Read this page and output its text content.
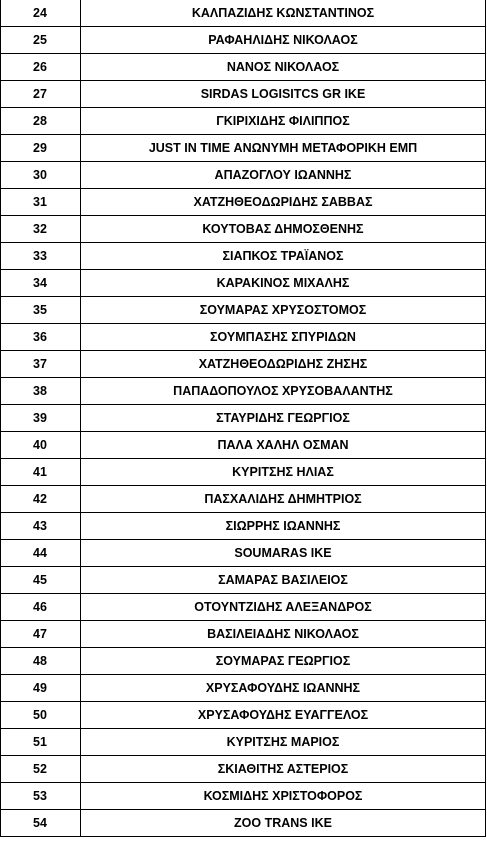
24	ΚΑΛΠΑΖΙΔΗΣ ΚΩΝΣΤΑΝΤΙΝΟΣ
25	ΡΑΦΑΗΛΙΔΗΣ ΝΙΚΟΛΑΟΣ
26	ΝΑΝΟΣ ΝΙΚΟΛΑΟΣ
27	SIRDAS LOGISITCS GR IKE
28	ΓΚΙΡΙΧΙΔΗΣ ΦΙΛΙΠΠΟΣ
29	JUST IN TIME ΑΝΩΝΥΜΗ ΜΕΤΑΦΟΡΙΚΗ ΕΜΠ
30	ΑΠΑΖΟΓΛΟΥ ΙΩΑΝΝΗΣ
31	ΧΑΤΖΗΘΕΟΔΩΡΙΔΗΣ ΣΑΒΒΑΣ
32	ΚΟΥΤΟΒΑΣ ΔΗΜΟΣΘΕΝΗΣ
33	ΣΙΑΠΚΟΣ ΤΡΑΪΑΝΟΣ
34	ΚΑΡΑΚΙΝΟΣ ΜΙΧΑΛΗΣ
35	ΣΟΥΜΑΡΑΣ ΧΡΥΣΟΣΤΟΜΟΣ
36	ΣΟΥΜΠΑΣΗΣ ΣΠΥΡΙΔΩΝ
37	ΧΑΤΖΗΘΕΟΔΩΡΙΔΗΣ ΖΗΣΗΣ
38	ΠΑΠΑΔΟΠΟΥΛΟΣ ΧΡΥΣΟΒΑΛΑΝΤΗΣ
39	ΣΤΑΥΡΙΔΗΣ ΓΕΩΡΓΙΟΣ
40	ΠΑΛΑ ΧΑΛΗΛ ΟΣΜΑΝ
41	ΚΥΡΙΤΣΗΣ ΗΛΙΑΣ
42	ΠΑΣΧΑΛΙΔΗΣ ΔΗΜΗΤΡΙΟΣ
43	ΣΙΩΡΡΗΣ ΙΩΑΝΝΗΣ
44	SOUMARAS IKE
45	ΣΑΜΑΡΑΣ ΒΑΣΙΛΕΙΟΣ
46	ΟΤΟΥΝΤΖΙΔΗΣ ΑΛΕΞΑΝΔΡΟΣ
47	ΒΑΣΙΛΕΙΑΔΗΣ ΝΙΚΟΛΑΟΣ
48	ΣΟΥΜΑΡΑΣ ΓΕΩΡΓΙΟΣ
49	ΧΡΥΣΑΦΟΥΔΗΣ ΙΩΑΝΝΗΣ
50	ΧΡΥΣΑΦΟΥΔΗΣ ΕΥΑΓΓΕΛΟΣ
51	ΚΥΡΙΤΣΗΣ ΜΑΡΙΟΣ
52	ΣΚΙΑΘΙΤΗΣ ΑΣΤΕΡΙΟΣ
53	ΚΟΣΜΙΔΗΣ ΧΡΙΣΤΟΦΟΡΟΣ
54	ZOO TRANS IKE
